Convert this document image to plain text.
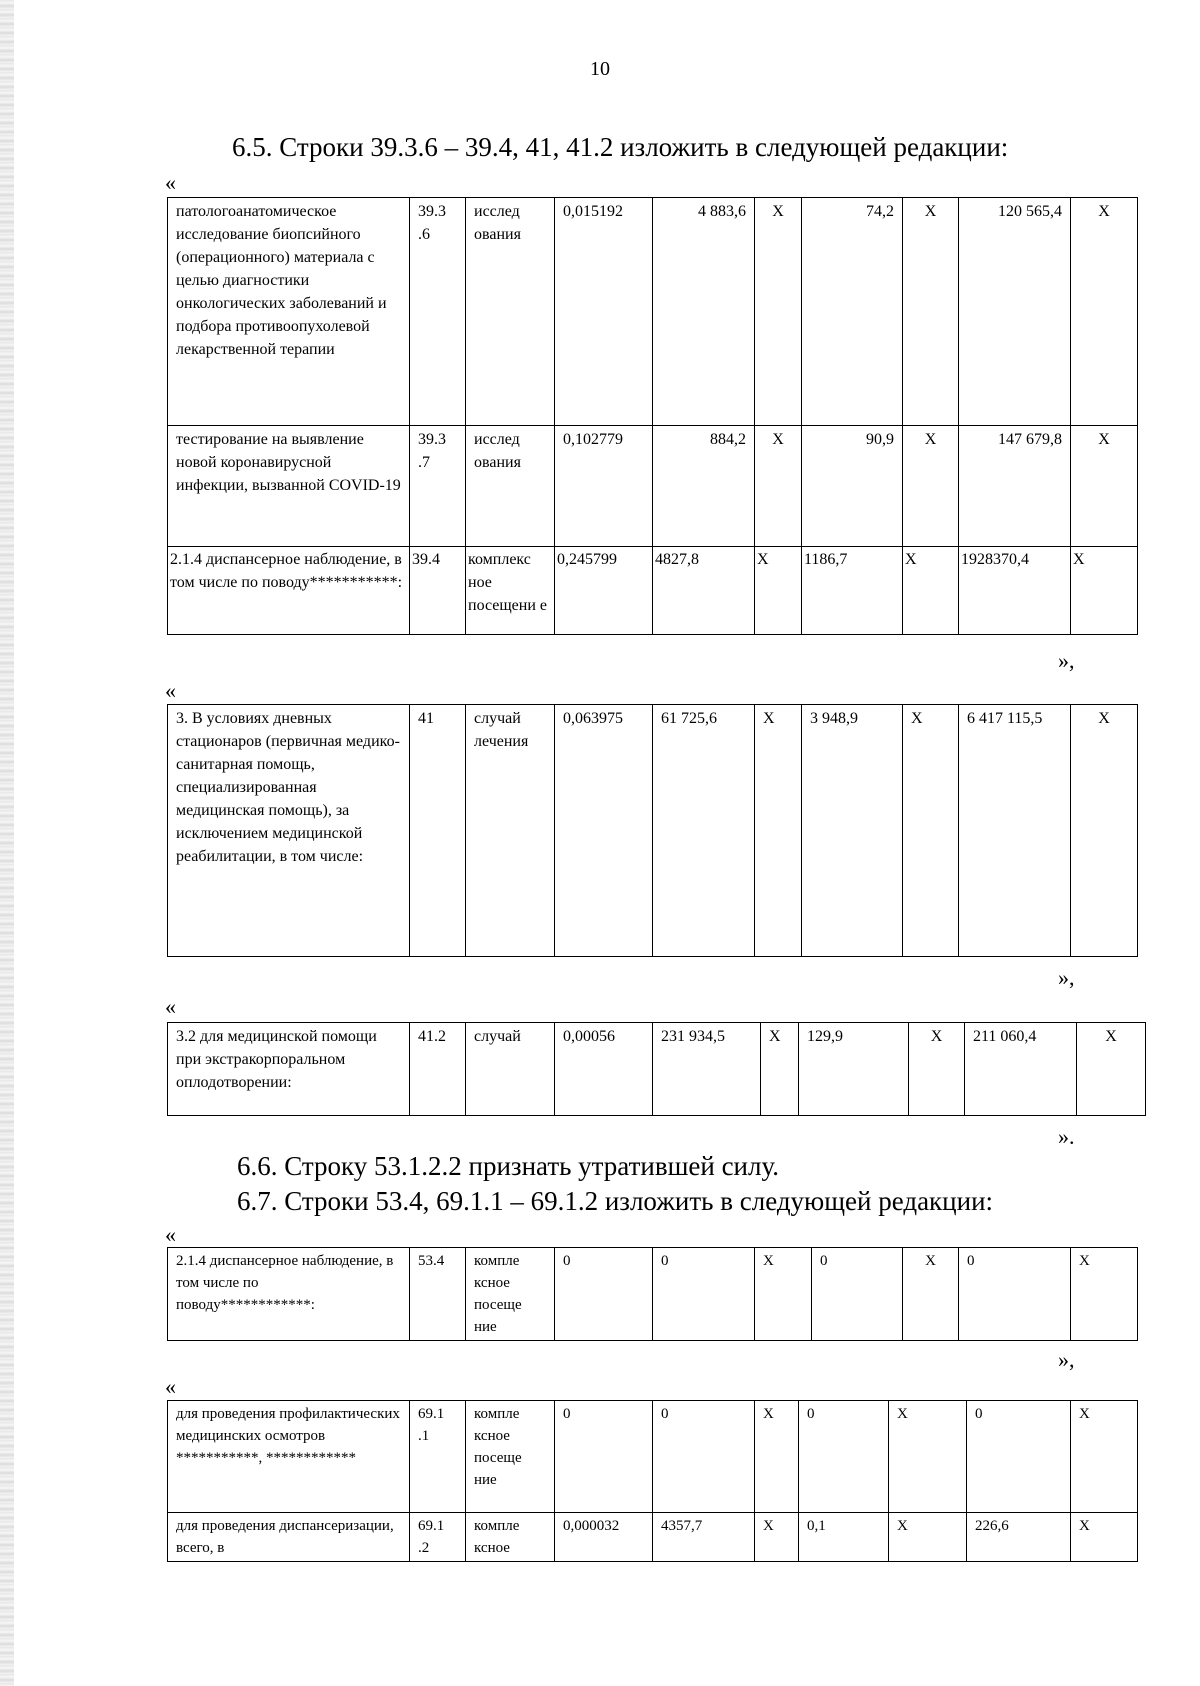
10
6.5. Строки 39.3.6 – 39.4, 41, 41.2 изложить в следующей редакции:
«
патологоанатомическое исследование биопсийного (операционного) материала с целью диагностики онкологических заболеваний и подбора противоопухолевой лекарственной терапии	39.3 .6	исслед ования	0,015192	4 883,6	Х	74,2	Х	120 565,4	Х
тестирование на выявление новой коронавирусной инфекции, вызванной COVID-19	39.3 .7	исслед ования	0,102779	884,2	Х	90,9	Х	147 679,8	Х
2.1.4 диспансерное наблюдение, в том числе по поводу***********:	39.4	комплекс ное посещени е	0,245799	4827,8	Х	1186,7	Х	1928370,4	Х
»,
«
3. В условиях дневных стационаров (первичная медико-санитарная помощь, специализированная медицинская помощь), за исключением медицинской реабилитации, в том числе:	41	случай лечения	0,063975	61 725,6	Х	3 948,9	Х	6 417 115,5	Х
»,
«
3.2 для медицинской помощи при экстракорпоральном оплодотворении:	41.2	случай	0,00056	231 934,5	Х	129,9	Х	211 060,4	Х
».
6.6. Строку 53.1.2.2 признать утратившей силу.
6.7. Строки 53.4, 69.1.1 – 69.1.2 изложить в следующей редакции:
«
2.1.4 диспансерное наблюдение, в том числе по поводу************:	53.4	компле ксное посеще ние	0	0	Х	0	Х	0	Х
»,
«
для проведения профилактических медицинских осмотров ***********, ************	69.1 .1	компле ксное посеще ние	0	0	Х	0	Х	0	Х
для проведения диспансеризации, всего, в	69.1 .2	компле ксное	0,000032	4357,7	Х	0,1	Х	226,6	Х
